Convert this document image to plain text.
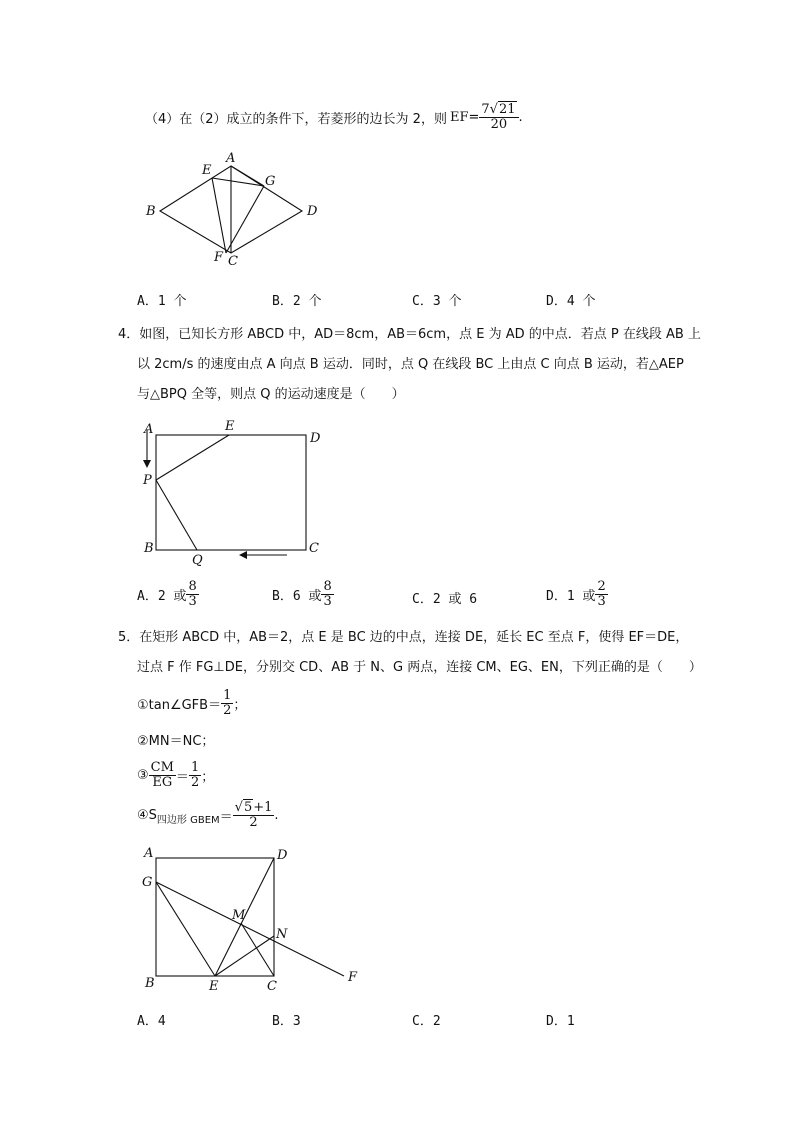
（4）在（2）成立的条件下，若菱形的边长为 2，则 EF = $\frac{7√21}{20}$ .
A
B
C
D
E
F
G
A．1 个	B．2 个	C．3 个	D．4 个
4．如图，已知长方形 ABCD 中，AD＝8cm，AB＝6cm，点 E 为 AD 的中点．若点 P 在线段 AB 上
以 2cm/s 的速度由点 A 向点 B 运动．同时，点 Q 在线段 BC 上由点 C 向点 B 运动，若△AEP
与△BPQ 全等，则点 Q 的运动速度是（　　）
A	E
D
P
B
Q
C
A．2 或 $\frac{8}{3}$	B．6 或 $\frac{8}{3}$	C．2 或 6	D．1 或 $\frac{2}{3}$
5．在矩形 ABCD 中，AB＝2，点 E 是 BC 边的中点，连接 DE，延长 EC 至点 F，使得 EF＝DE，
过点 F 作 FG⊥DE，分别交 CD、AB 于 N、G 两点，连接 CM、EG、EN，下列正确的是（　　）
①tan∠GFB＝ $\frac{1}{2}$ ；
②MN＝NC；
③ $\frac{CM}{EG} = \frac{1}{2}$ ；
④S 四边形 GBEM ＝ $\frac{√5+1}{2}$ .
A	D
G
M
N
B	E	C
F
A．4	B．3	C．2	D．1
